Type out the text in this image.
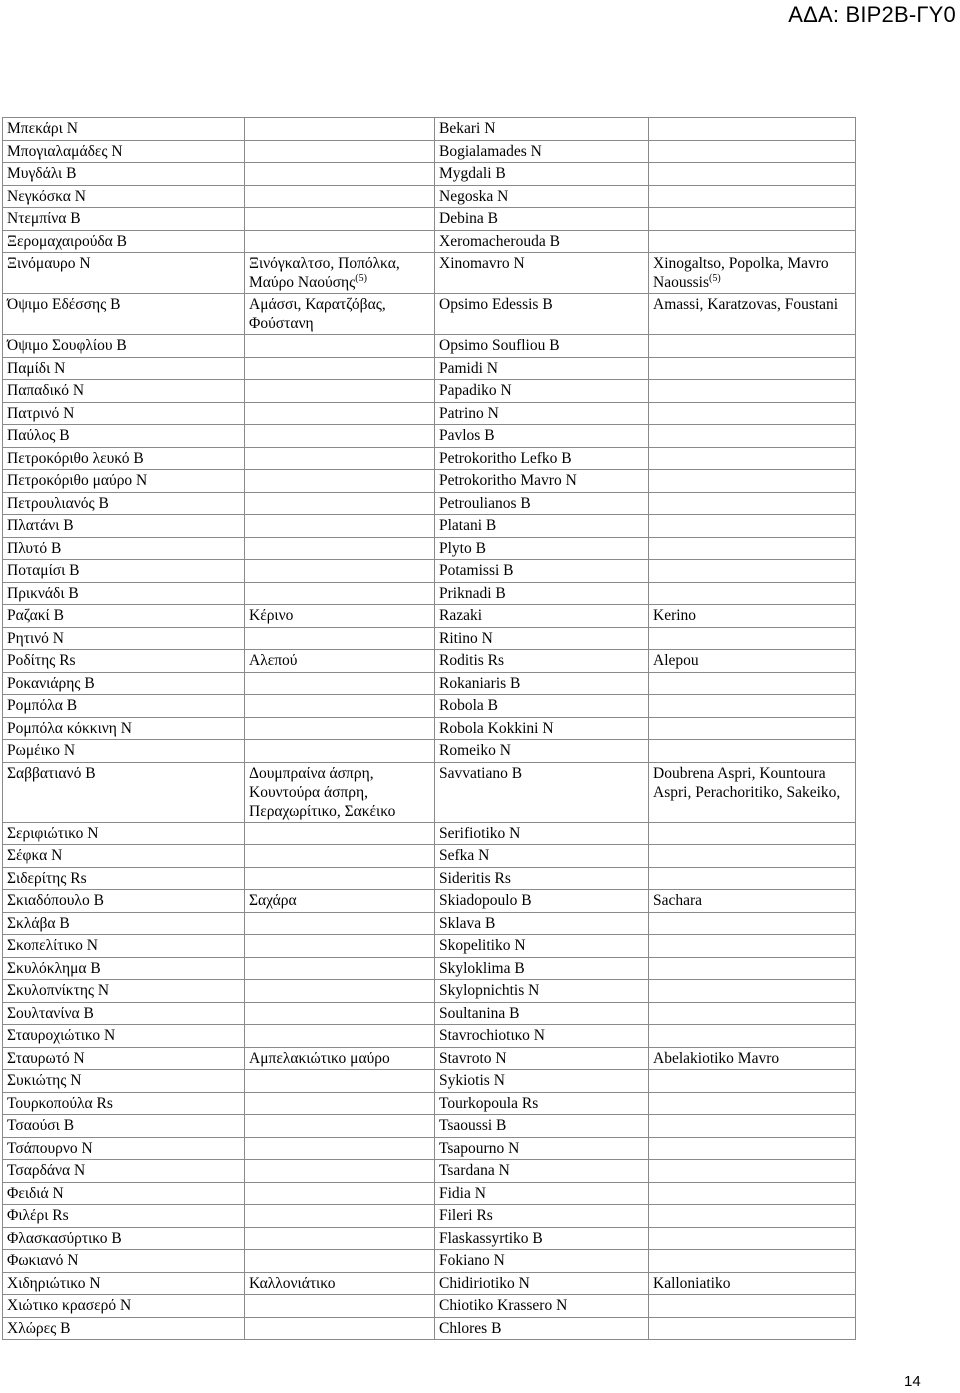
ΑΔΑ: ΒΙΡ2Β-ΓΥ0
Μπεκάρι Ν		Bekari N	
Μπογιαλαμάδες Ν		Bogialamades N	
Μυγδάλι Β		Mygdali B	
Νεγκόσκα Ν		Negoska N	
Ντεμπίνα Β		Debina B	
Ξερομαχαιρούδα Β		Xeromacherouda B	
Ξινόμαυρο Ν	Ξινόγκαλτσο, Ποπόλκα, Μαύρο Ναούσης$^{(5)}$	Xinomavro N	Xinogaltso, Popolka, Mavro Naoussis$^{(5)}$
Όψιμο Εδέσσης Β	Αμάσσι, Καρατζόβας, Φούστανη	Opsimo Edessis B	Amassi, Karatzovas, Foustani
Όψιμο Σουφλίου Β		Opsimo Soufliou B	
Παμίδι Ν		Pamidi N	
Παπαδικό Ν		Papadiko N	
Πατρινό Ν		Patrino N	
Παύλος Β		Pavlos B	
Πετροκόριθο λευκό Β		Petrokoritho Lefko B	
Πετροκόριθο μαύρο Ν		Petrokoritho Mavro N	
Πετρουλιανός Β		Petroulianos B	
Πλατάνι Β		Platani B	
Πλυτό Β		Plyto B	
Ποταμίσι Β		Potamissi B	
Πρικνάδι Β		Priknadi B	
Ραζακί Β	Κέρινο	Razaki	Kerino
Ρητινό Ν		Ritino N	
Ροδίτης Rs	Αλεπού	Roditis Rs	Alepou
Ροκανιάρης Β		Rokaniaris B	
Ρομπόλα Β		Robola B	
Ρομπόλα κόκκινη Ν		Robola Kokkini N	
Ρωμέικο Ν		Romeiko N	
Σαββατιανό Β	Δουμπραίνα άσπρη, Κουντούρα άσπρη, Περαχωρίτικο, Σακέικο	Savvatiano B	Doubrena Aspri, Kountoura Aspri, Perachoritiko, Sakeiko,
Σεριφιώτικο Ν		Serifiotiko N	
Σέφκα Ν		Sefka N	
Σιδερίτης Rs		Sideritis Rs	
Σκιαδόπουλο Β	Σαχάρα	Skiadopoulo B	Sachara
Σκλάβα Β		Sklava B	
Σκοπελίτικο Ν		Skopelitiko N	
Σκυλόκλημα Β		Skyloklima B	
Σκυλοπνίκτης Ν		Skylopnichtis N	
Σουλτανίνα Β		Soultanina B	
Σταυροχιώτικο Ν		Stavrochiotικο N	
Σταυρωτό Ν	Αμπελακιώτικο μαύρο	Stavroto N	Abelakiotiko Mavro
Συκιώτης Ν		Sykiotis N	
Τουρκοπούλα Rs		Tourkopoula Rs	
Τσαούσι Β		Tsaoussi B	
Τσάπουρνο Ν		Tsapourno N	
Τσαρδάνα Ν		Tsardana N	
Φειδιά Ν		Fidia N	
Φιλέρι Rs		Fileri Rs	
Φλασκασύρτικο Β		Flaskassyrtiko B	
Φωκιανό Ν		Fokiano N	
Χιδηριώτικο Ν	Καλλονιάτικο	Chidiriotiko N	Kalloniatiko
Χιώτικο κρασερό Ν		Chiotiko Krassero N	
Χλώρες Β		Chlores B	
14
